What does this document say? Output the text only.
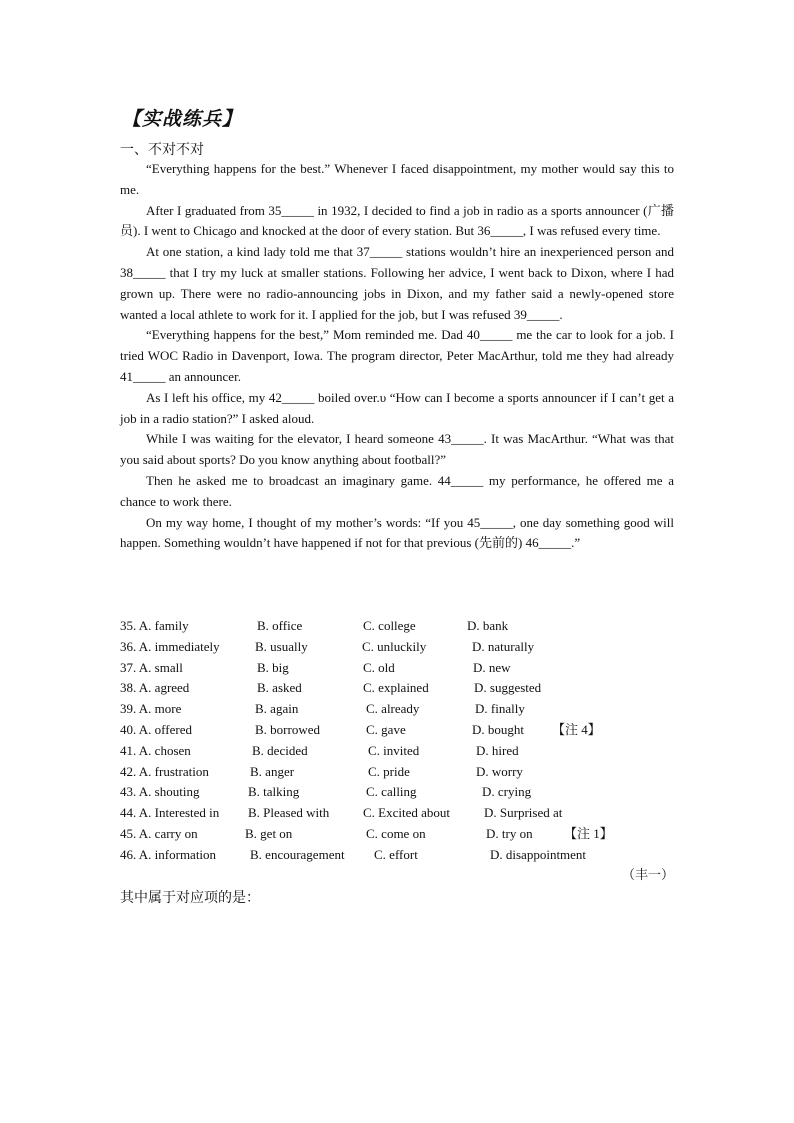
【实战练兵】
一、不对不对

“Everything happens for the best.” Whenever I faced disappointment, my mother would say this to me.

After I graduated from 35_____ in 1932, I decided to find a job in radio as a sports announcer (广播员). I went to Chicago and knocked at the door of every station. But 36_____, I was refused every time.

At one station, a kind lady told me that 37_____ stations wouldn’t hire an inexperienced person and 38_____ that I try my luck at smaller stations. Following her advice, I went back to Dixon, where I had grown up. There were no radio-announcing jobs in Dixon, and my father said a newly-opened store wanted a local athlete to work for it. I applied for the job, but I was refused 39_____.

“Everything happens for the best,” Mom reminded me. Dad 40_____ me the car to look for a job. I tried WOC Radio in Davenport, Iowa. The program director, Peter MacArthur, told me they had already 41_____ an announcer.

As I left his office, my 42_____ boiled over.υ “How can I become a sports announcer if I can’t get a job in a radio station?” I asked aloud.

While I was waiting for the elevator, I heard someone 43_____. It was MacArthur. “What was that you said about sports? Do you know anything about football?”

Then he asked me to broadcast an imaginary game. 44_____ my performance, he offered me a chance to work there.

On my way home, I thought of my mother’s words: “If you 45_____, one day something good will happen. Something wouldn’t have happened if not for that previous (先前的) 46_____.”

35. A. family	B. office	C. college	D. bank
36. A. immediately	B. usually	C. unluckily	D. naturally
37. A. small	B. big	C. old	D. new
38. A. agreed	B. asked	C. explained	D. suggested
39. A. more	B. again	C. already	D. finally
40. A. offered	B. borrowed	C. gave	D. bought 【注 4】
41. A. chosen	B. decided	C. invited	D. hired
42. A. frustration	B. anger	C. pride	D. worry
43. A. shouting	B. talking	C. calling	D. crying
44. A. Interested in B. Pleased with	C. Excited about	D. Surprised at
45. A. carry on	B. get on	C. come on	D. try on 【注 1】
46. A. information	B. encouragement C. effort	D. disappointment
（丰一）
其中属于对应项的是：
